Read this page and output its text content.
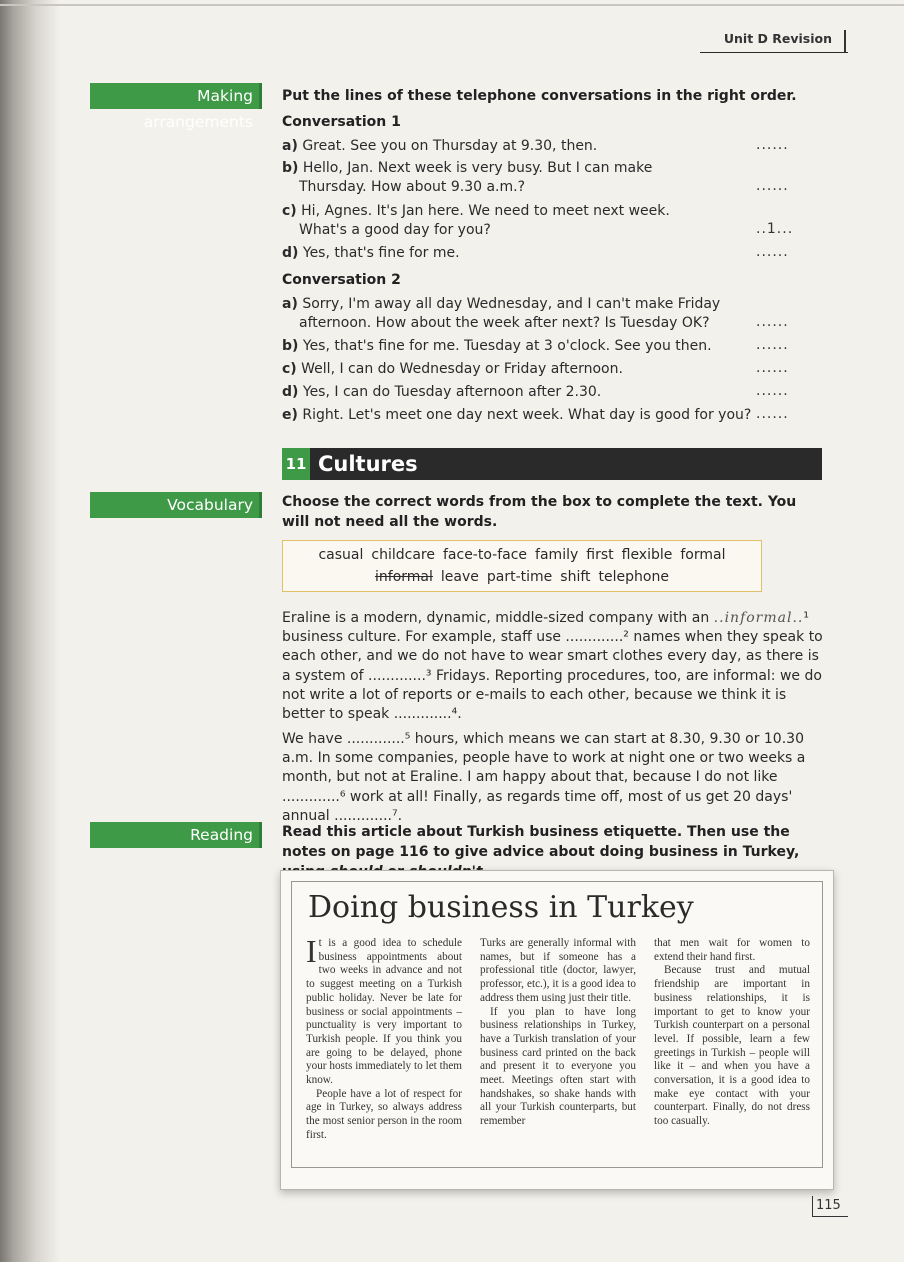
Unit D Revision
Making arrangements
Put the lines of these telephone conversations in the right order.
Conversation 1
a) Great. See you on Thursday at 9.30, then.	......
b) Hello, Jan. Next week is very busy. But I can make
Thursday. How about 9.30 a.m.?	......
c) Hi, Agnes. It's Jan here. We need to meet next week.
What's a good day for you?	..1...
d) Yes, that's fine for me.	......
Conversation 2
a) Sorry, I'm away all day Wednesday, and I can't make Friday
afternoon. How about the week after next? Is Tuesday OK?	......
b) Yes, that's fine for me. Tuesday at 3 o'clock. See you then.	......
c) Well, I can do Wednesday or Friday afternoon.	......
d) Yes, I can do Tuesday afternoon after 2.30.	......
e) Right. Let's meet one day next week. What day is good for you? ......
11 Cultures
Vocabulary	Choose the correct words from the box to complete the text. You will not need all the words.
casual childcare face-to-face family first flexible formal
informal leave part-time shift telephone
Eraline is a modern, dynamic, middle-sized company with an ..informal..¹ business culture. For example, staff use .............² names when they speak to each other, and we do not have to wear smart clothes every day, as there is a system of .............³ Fridays. Reporting procedures, too, are informal: we do not write a lot of reports or e-mails to each other, because we think it is better to speak .............⁴.
We have .............⁵ hours, which means we can start at 8.30, 9.30 or 10.30 a.m. In some companies, people have to work at night one or two weeks a month, but not at Eraline. I am happy about that, because I do not like .............⁶ work at all! Finally, as regards time off, most of us get 20 days' annual .............⁷.
Reading	Read this article about Turkish business etiquette. Then use the notes on page 116 to give advice about doing business in Turkey,
Doing business in Turkey

It is a good idea to schedule business appointments about two weeks in advance and not to suggest meeting on a Turkish public holiday. Never be late for business or social appointments – punctuality is very important to Turkish people. If you think you are going to be delayed, phone your hosts immediately to let them know.

People have a lot of respect for age in Turkey, so always address the most senior person in the room first.

Turks are generally informal with names, but if someone has a professional title (doctor, lawyer, professor, etc.), it is a good idea to address them using just their title.

If you plan to have long business relationships in Turkey, have a Turkish translation of your business card printed on the back and present it to everyone you meet. Meetings often start with handshakes, so shake hands with all your Turkish counterparts, but remember

that men wait for women to extend their hand first.

Because trust and mutual friendship are important in business relationships, it is important to get to know your Turkish counterpart on a personal level. If possible, learn a few greetings in Turkish – people will like it – and when you have a conversation, it is a good idea to make eye contact with your counterpart. Finally, do not dress too casually.

115
